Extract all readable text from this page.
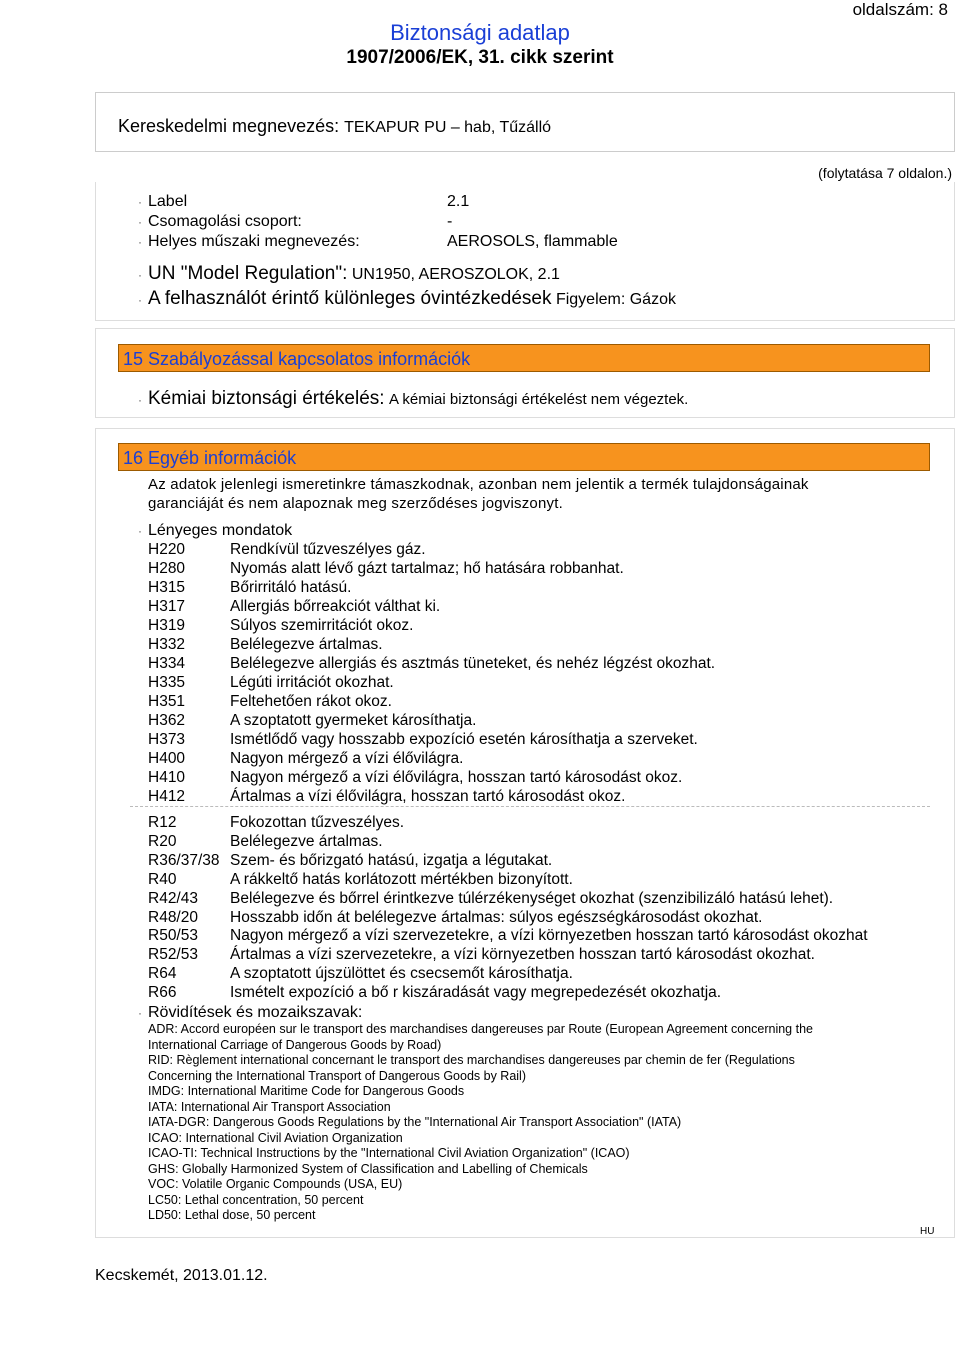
oldalszám: 8
Biztonsági adatlap
1907/2006/EK, 31. cikk szerint
Kereskedelmi megnevezés: TEKAPUR PU – hab, Tűzálló
(folytatása 7 oldalon.)
· Label	2.1
· Csomagolási csoport:	-
· Helyes műszaki megnevezés:	AEROSOLS, flammable
· UN "Model Regulation": UN1950, AEROSZOLOK, 2.1
· A felhasználót érintő különleges óvintézkedések Figyelem: Gázok
15 Szabályozással kapcsolatos információk
· Kémiai biztonsági értékelés: A kémiai biztonsági értékelést nem végeztek.
16 Egyéb információk
Az adatok jelenlegi ismeretinkre támaszkodnak, azonban nem jelentik a termék tulajdonságainak
garanciáját és nem alapoznak meg szerződéses jogviszonyt.
· Lényeges mondatok
H220	Rendkívül tűzveszélyes gáz.
H280	Nyomás alatt lévő gázt tartalmaz; hő hatására robbanhat.
H315	Bőrirritáló hatású.
H317	Allergiás bőrreakciót válthat ki.
H319	Súlyos szemirritációt okoz.
H332	Belélegezve ártalmas.
H334	Belélegezve allergiás és asztmás tüneteket, és nehéz légzést okozhat.
H335	Légúti irritációt okozhat.
H351	Feltehetően rákot okoz.
H362	A szoptatott gyermeket károsíthatja.
H373	Ismétlődő vagy hosszabb expozíció esetén károsíthatja a szerveket.
H400	Nagyon mérgező a vízi élővilágra.
H410	Nagyon mérgező a vízi élővilágra, hosszan tartó károsodást okoz.
H412	Ártalmas a vízi élővilágra, hosszan tartó károsodást okoz.
R12	Fokozottan tűzveszélyes.
R20	Belélegezve ártalmas.
R36/37/38 Szem- és bőrizgató hatású, izgatja a légutakat.
R40	A rákkeltő hatás korlátozott mértékben bizonyított.
R42/43 Belélegezve és bőrrel érintkezve túlérzékenységet okozhat (szenzibilizáló hatású lehet).
R48/20 Hosszabb időn át belélegezve ártalmas: súlyos egészségkárosodást okozhat.
R50/53 Nagyon mérgező a vízi szervezetekre, a vízi környezetben hosszan tartó károsodást okozhat
R52/53 Ártalmas a vízi szervezetekre, a vízi környezetben hosszan tartó károsodást okozhat.
R64	A szoptatott újszülöttet és csecsemőt károsíthatja.
R66	Ismételt expozíció a bő r kiszáradását vagy megrepedezését okozhatja.
· Rövidítések és mozaikszavak:
ADR: Accord européen sur le transport des marchandises dangereuses par Route (European Agreement concerning the
International Carriage of Dangerous Goods by Road)
RID: Règlement international concernant le transport des marchandises dangereuses par chemin de fer (Regulations
Concerning the International Transport of Dangerous Goods by Rail)
IMDG: International Maritime Code for Dangerous Goods
IATA: International Air Transport Association
IATA-DGR: Dangerous Goods Regulations by the "International Air Transport Association" (IATA)
ICAO: International Civil Aviation Organization
ICAO-TI: Technical Instructions by the "International Civil Aviation Organization" (ICAO)
GHS: Globally Harmonized System of Classification and Labelling of Chemicals
VOC: Volatile Organic Compounds (USA, EU)
LC50: Lethal concentration, 50 percent
LD50: Lethal dose, 50 percent
HU
Kecskemét, 2013.01.12.
